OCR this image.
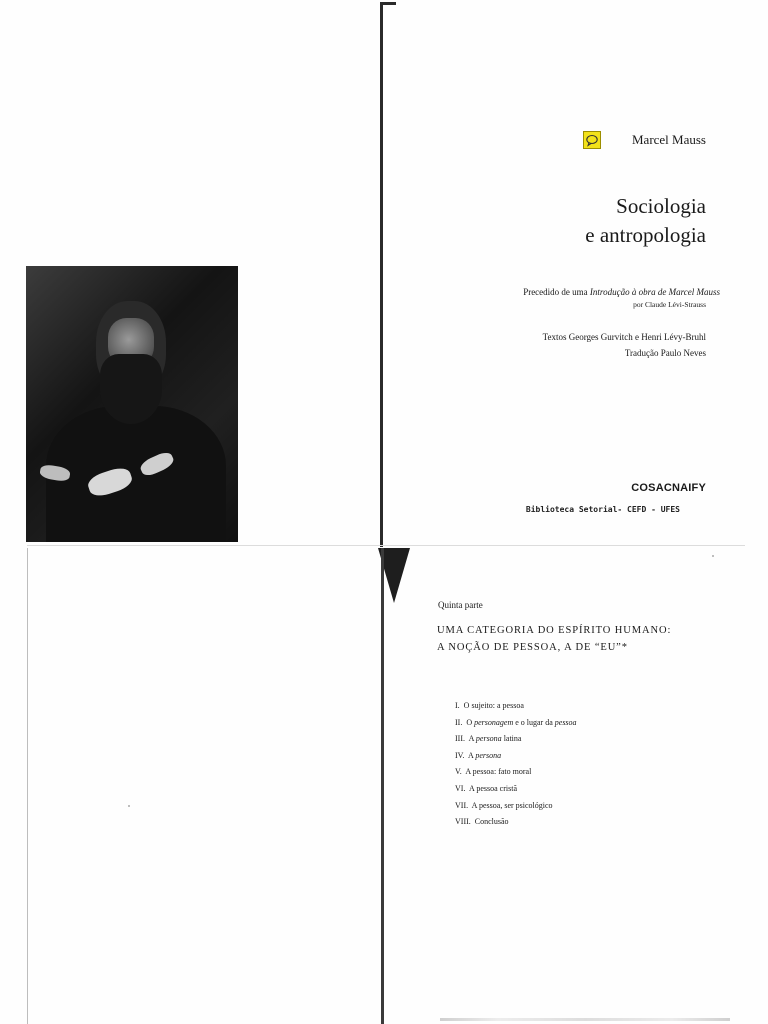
Marcel Mauss
Sociologia
e antropologia
Precedido de uma Introdução à obra de Marcel Mauss
por Claude Lévi-Strauss
Textos Georges Gurvitch e Henri Lévy-Bruhl
Tradução Paulo Neves
COSACNAIFY
Biblioteca Setorial- CEFD - UFES
Quinta parte
UMA CATEGORIA DO ESPÍRITO HUMANO:
A NOÇÃO DE PESSOA, A DE “EU”*
I. O sujeito: a pessoa
II. O personagem e o lugar da pessoa
III. A persona latina
IV. A persona
V. A pessoa: fato moral
VI. A pessoa cristã
VII. A pessoa, ser psicológico
VIII. Conclusão
